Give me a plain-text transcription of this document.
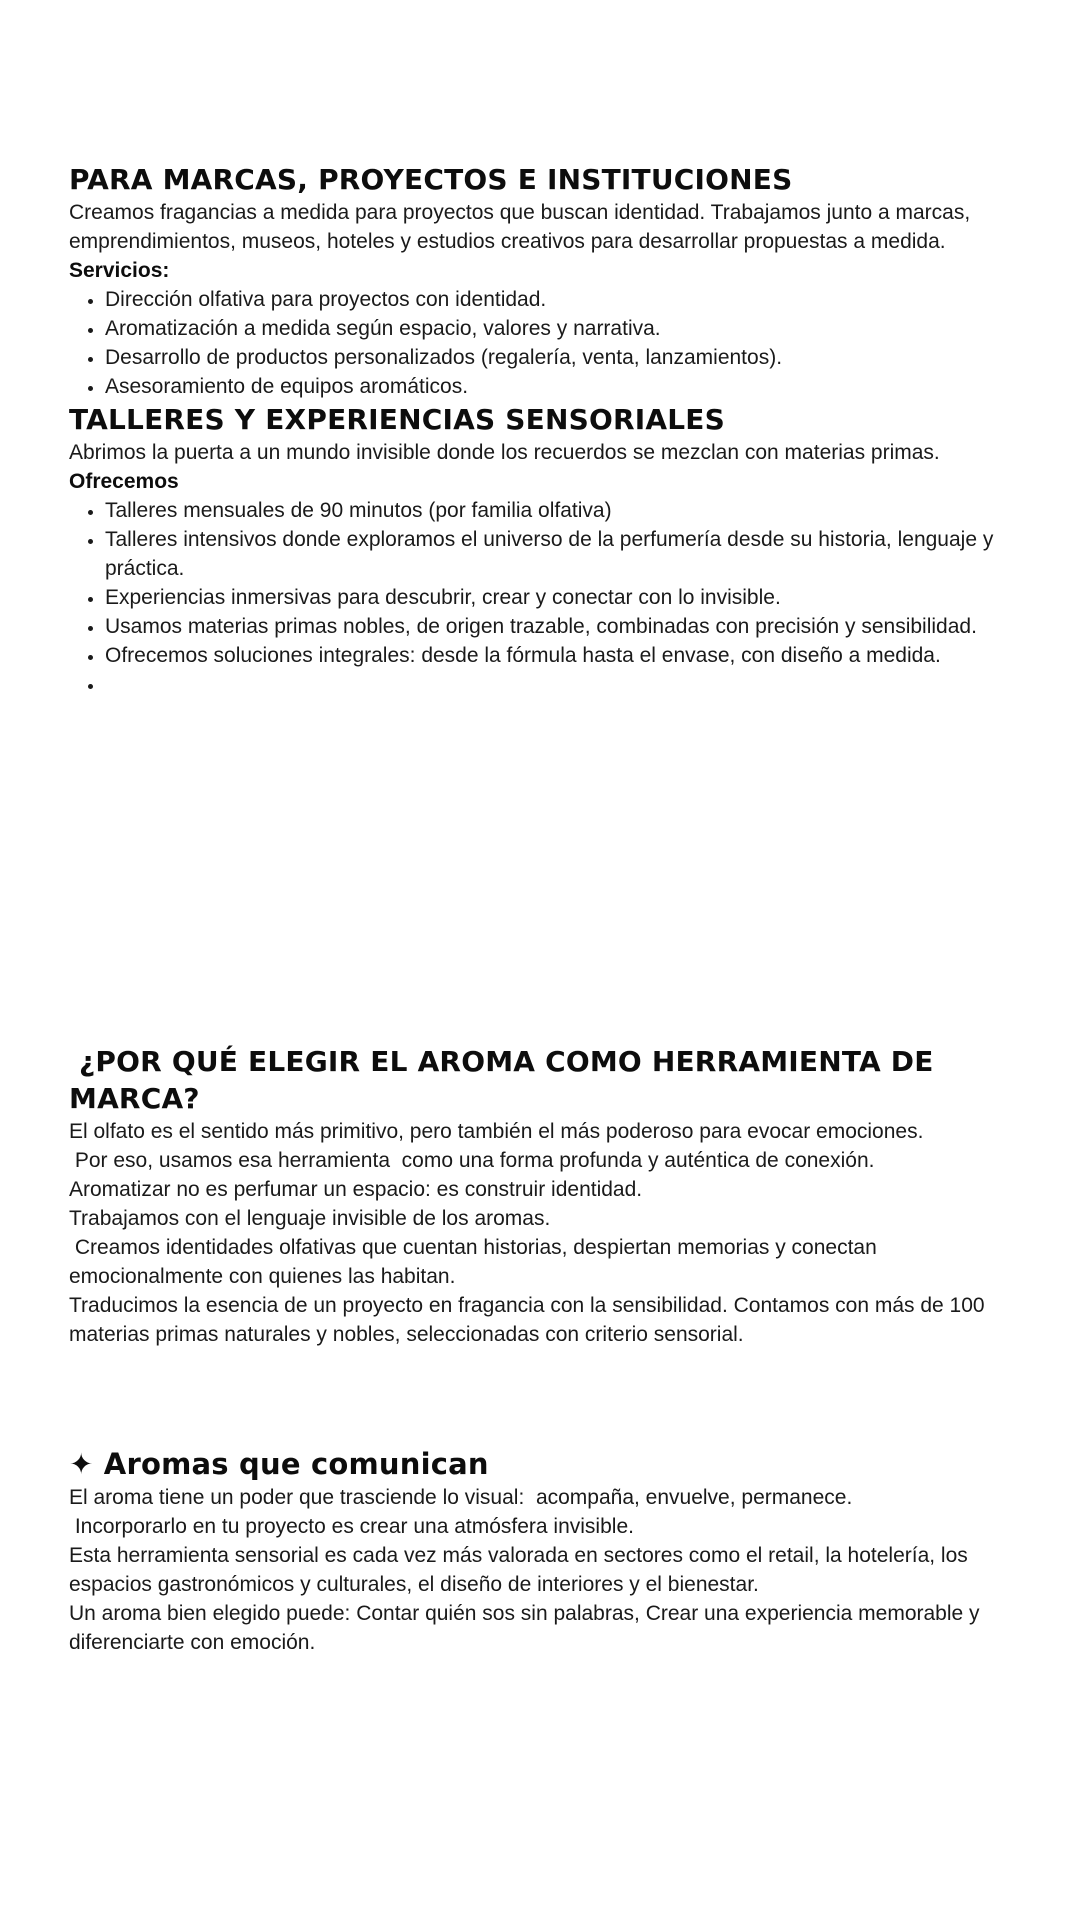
PARA MARCAS, PROYECTOS E INSTITUCIONES

Creamos fragancias a medida para proyectos que buscan identidad. Trabajamos junto a marcas, emprendimientos, museos, hoteles y estudios creativos para desarrollar propuestas a medida.

Servicios:
• Dirección olfativa para proyectos con identidad.
• Aromatización a medida según espacio, valores y narrativa.
• Desarrollo de productos personalizados (regalería, venta, lanzamientos).
• Asesoramiento de equipos aromáticos.
TALLERES Y EXPERIENCIAS SENSORIALES

Abrimos la puerta a un mundo invisible donde los recuerdos se mezclan con materias primas.

Ofrecemos
• Talleres mensuales de 90 minutos (por familia olfativa)
• Talleres intensivos donde exploramos el universo de la perfumería desde su historia, lenguaje y práctica.
• Experiencias inmersivas para descubrir, crear y conectar con lo invisible.
• Usamos materias primas nobles, de origen trazable, combinadas con precisión y sensibilidad.
• Ofrecemos soluciones integrales: desde la fórmula hasta el envase, con diseño a medida.
•
¿POR QUÉ ELEGIR EL AROMA COMO HERRAMIENTA DE MARCA?

El olfato es el sentido más primitivo, pero también el más poderoso para evocar emociones.

Por eso, usamos esa herramienta  como una forma profunda y auténtica de conexión.

Aromatizar no es perfumar un espacio: es construir identidad.

Trabajamos con el lenguaje invisible de los aromas.

Creamos identidades olfativas que cuentan historias, despiertan memorias y conectan emocionalmente con quienes las habitan.

Traducimos la esencia de un proyecto en fragancia con la sensibilidad. Contamos con más de 100 materias primas naturales y nobles, seleccionadas con criterio sensorial.

✦ Aromas que comunican

El aroma tiene un poder que trasciende lo visual:  acompaña, envuelve, permanece.

Incorporarlo en tu proyecto es crear una atmósfera invisible.

Esta herramienta sensorial es cada vez más valorada en sectores como el retail, la hotelería, los espacios gastronómicos y culturales, el diseño de interiores y el bienestar.

Un aroma bien elegido puede: Contar quién sos sin palabras, Crear una experiencia memorable y diferenciarte con emoción.
